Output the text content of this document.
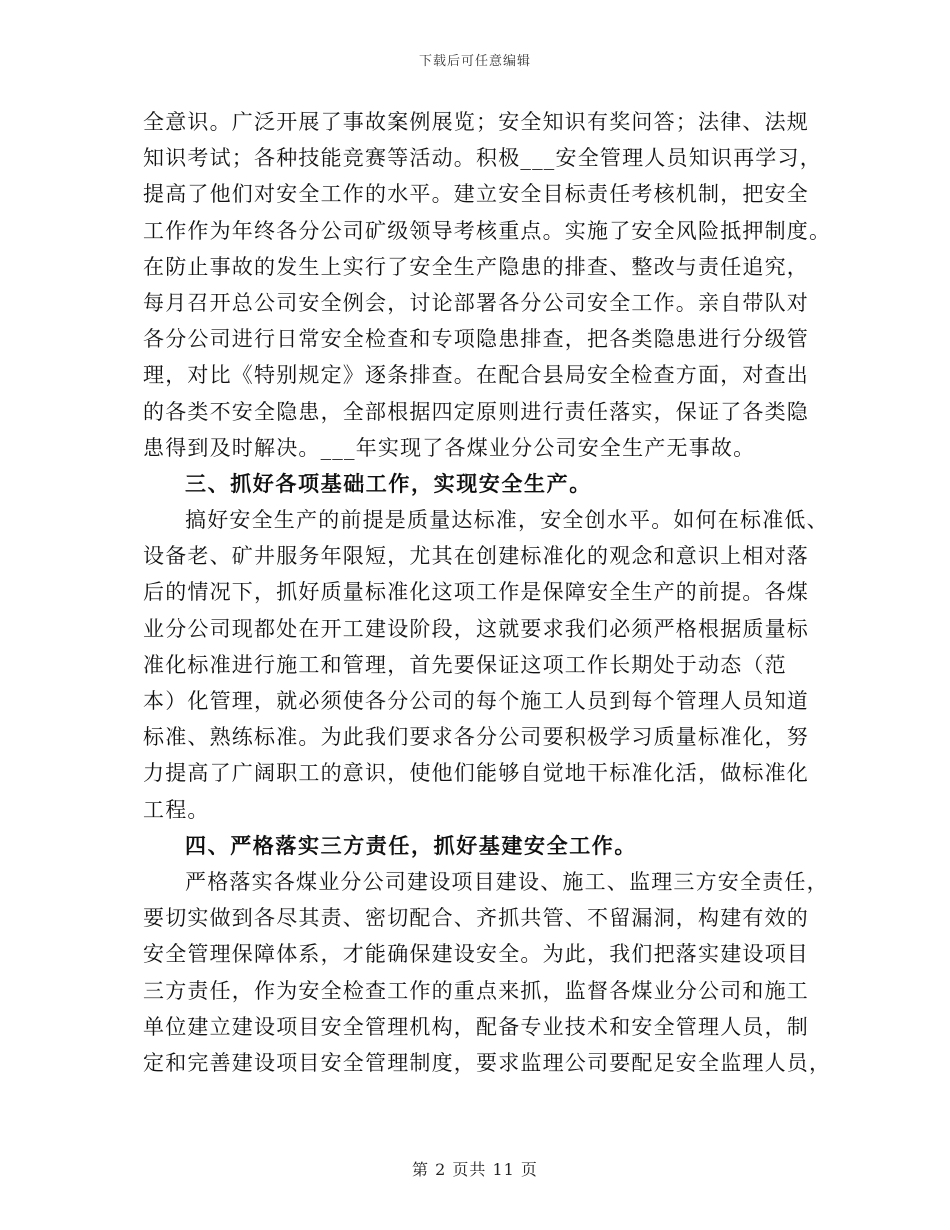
下载后可任意编辑
全意识。广泛开展了事故案例展览；安全知识有奖问答；法律、法规
知识考试；各种技能竞赛等活动。积极___安全管理人员知识再学习，
提高了他们对安全工作的水平。建立安全目标责任考核机制，把安全
工作作为年终各分公司矿级领导考核重点。实施了安全风险抵押制度。
在防止事故的发生上实行了安全生产隐患的排查、整改与责任追究，
每月召开总公司安全例会，讨论部署各分公司安全工作。亲自带队对
各分公司进行日常安全检查和专项隐患排查，把各类隐患进行分级管
理，对比《特别规定》逐条排查。在配合县局安全检查方面，对查出
的各类不安全隐患，全部根据四定原则进行责任落实，保证了各类隐
患得到及时解决。___年实现了各煤业分公司安全生产无事故。
三、抓好各项基础工作，实现安全生产。
搞好安全生产的前提是质量达标准，安全创水平。如何在标准低、
设备老、矿井服务年限短，尤其在创建标准化的观念和意识上相对落
后的情况下，抓好质量标准化这项工作是保障安全生产的前提。各煤
业分公司现都处在开工建设阶段，这就要求我们必须严格根据质量标
准化标准进行施工和管理，首先要保证这项工作长期处于动态（范
本）化管理，就必须使各分公司的每个施工人员到每个管理人员知道
标准、熟练标准。为此我们要求各分公司要积极学习质量标准化，努
力提高了广阔职工的意识，使他们能够自觉地干标准化活，做标准化
工程。
四、严格落实三方责任，抓好基建安全工作。
严格落实各煤业分公司建设项目建设、施工、监理三方安全责任，
要切实做到各尽其责、密切配合、齐抓共管、不留漏洞，构建有效的
安全管理保障体系，才能确保建设安全。为此，我们把落实建设项目
三方责任，作为安全检查工作的重点来抓，监督各煤业分公司和施工
单位建立建设项目安全管理机构，配备专业技术和安全管理人员，制
定和完善建设项目安全管理制度，要求监理公司要配足安全监理人员，
第 2 页共 11 页
